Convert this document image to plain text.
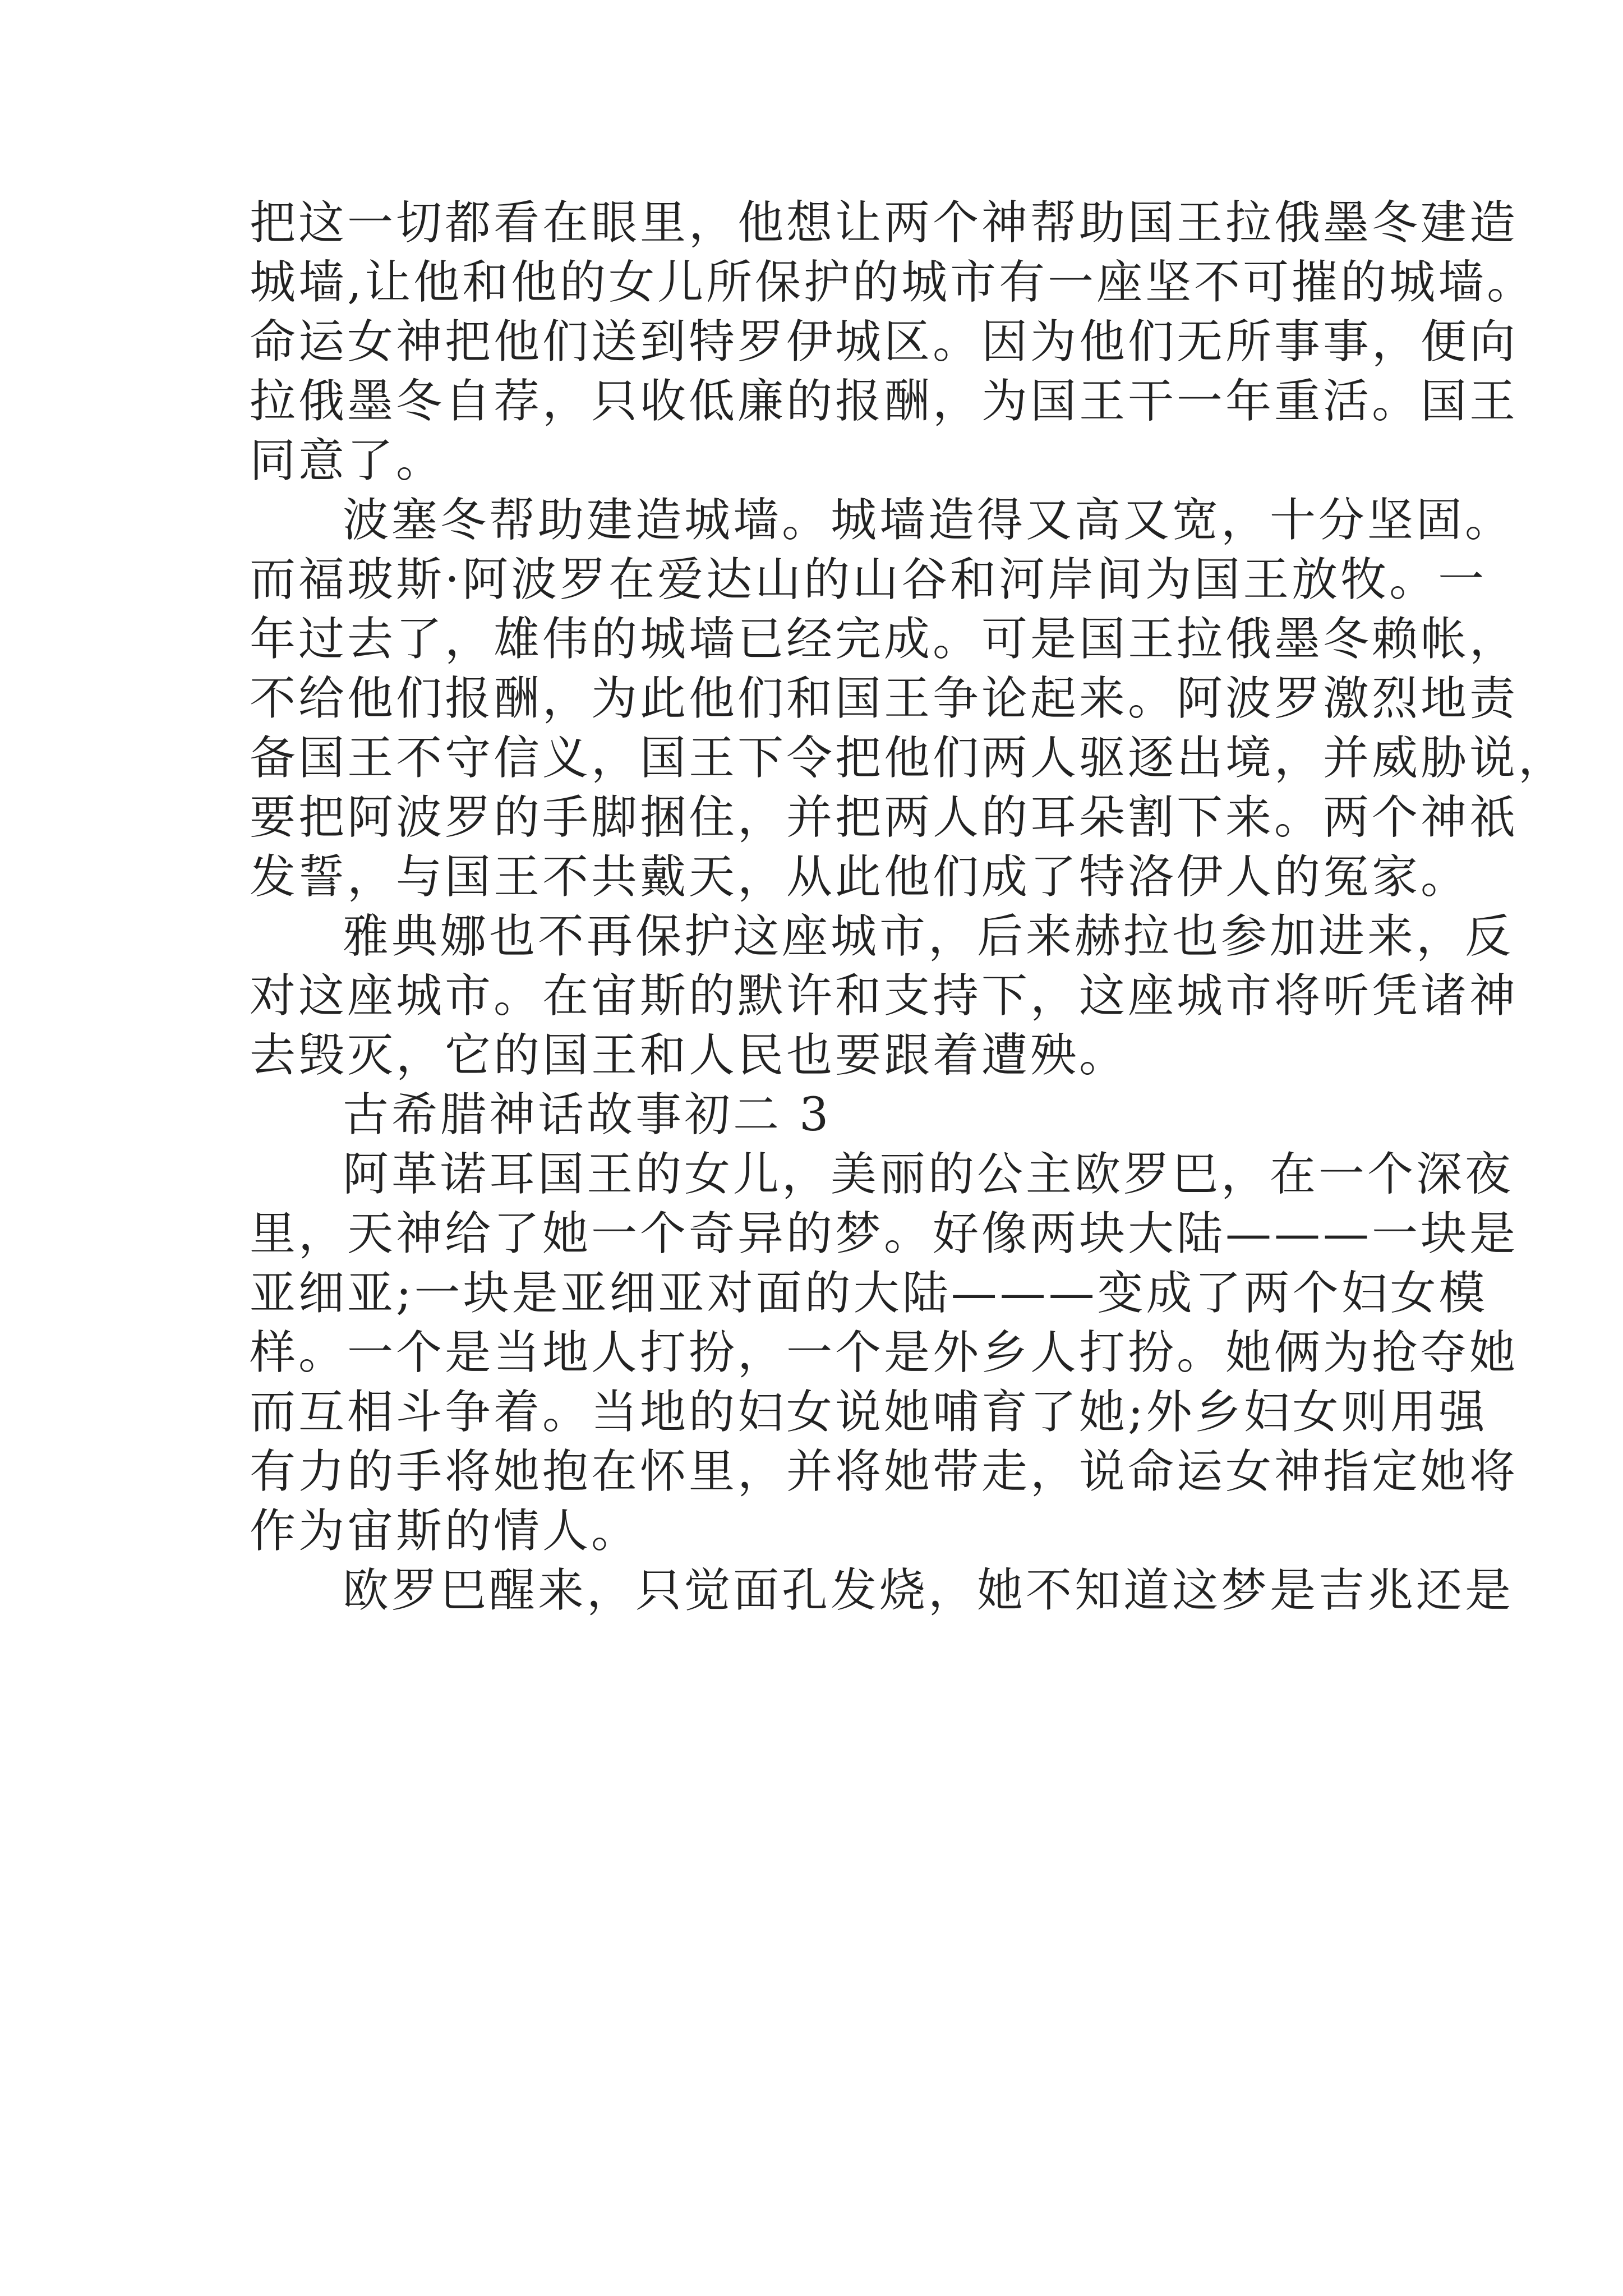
把这一切都看在眼里，他想让两个神帮助国王拉俄墨冬建造

城墙,让他和他的女儿所保护的城市有一座坚不可摧的城墙。

命运女神把他们送到特罗伊城区。因为他们无所事事，便向

拉俄墨冬自荐，只收低廉的报酬，为国王干一年重活。国王

同意了。

波塞冬帮助建造城墙。城墙造得又高又宽，十分坚固。

而福玻斯·阿波罗在爱达山的山谷和河岸间为国王放牧。一

年过去了，雄伟的城墙已经完成。可是国王拉俄墨冬赖帐，

不给他们报酬，为此他们和国王争论起来。阿波罗激烈地责

备国王不守信义，国王下令把他们两人驱逐出境，并威胁说，

要把阿波罗的手脚捆住，并把两人的耳朵割下来。两个神祇

发誓，与国王不共戴天，从此他们成了特洛伊人的冤家。

雅典娜也不再保护这座城市，后来赫拉也参加进来，反

对这座城市。在宙斯的默许和支持下，这座城市将听凭诸神

去毁灭，它的国王和人民也要跟着遭殃。

古希腊神话故事初二 3

阿革诺耳国王的女儿，美丽的公主欧罗巴，在一个深夜

里，天神给了她一个奇异的梦。好像两块大陆———一块是

亚细亚;一块是亚细亚对面的大陆———变成了两个妇女模

样。一个是当地人打扮，一个是外乡人打扮。她俩为抢夺她

而互相斗争着。当地的妇女说她哺育了她;外乡妇女则用强

有力的手将她抱在怀里，并将她带走，说命运女神指定她将

作为宙斯的情人。

欧罗巴醒来，只觉面孔发烧，她不知道这梦是吉兆还是
